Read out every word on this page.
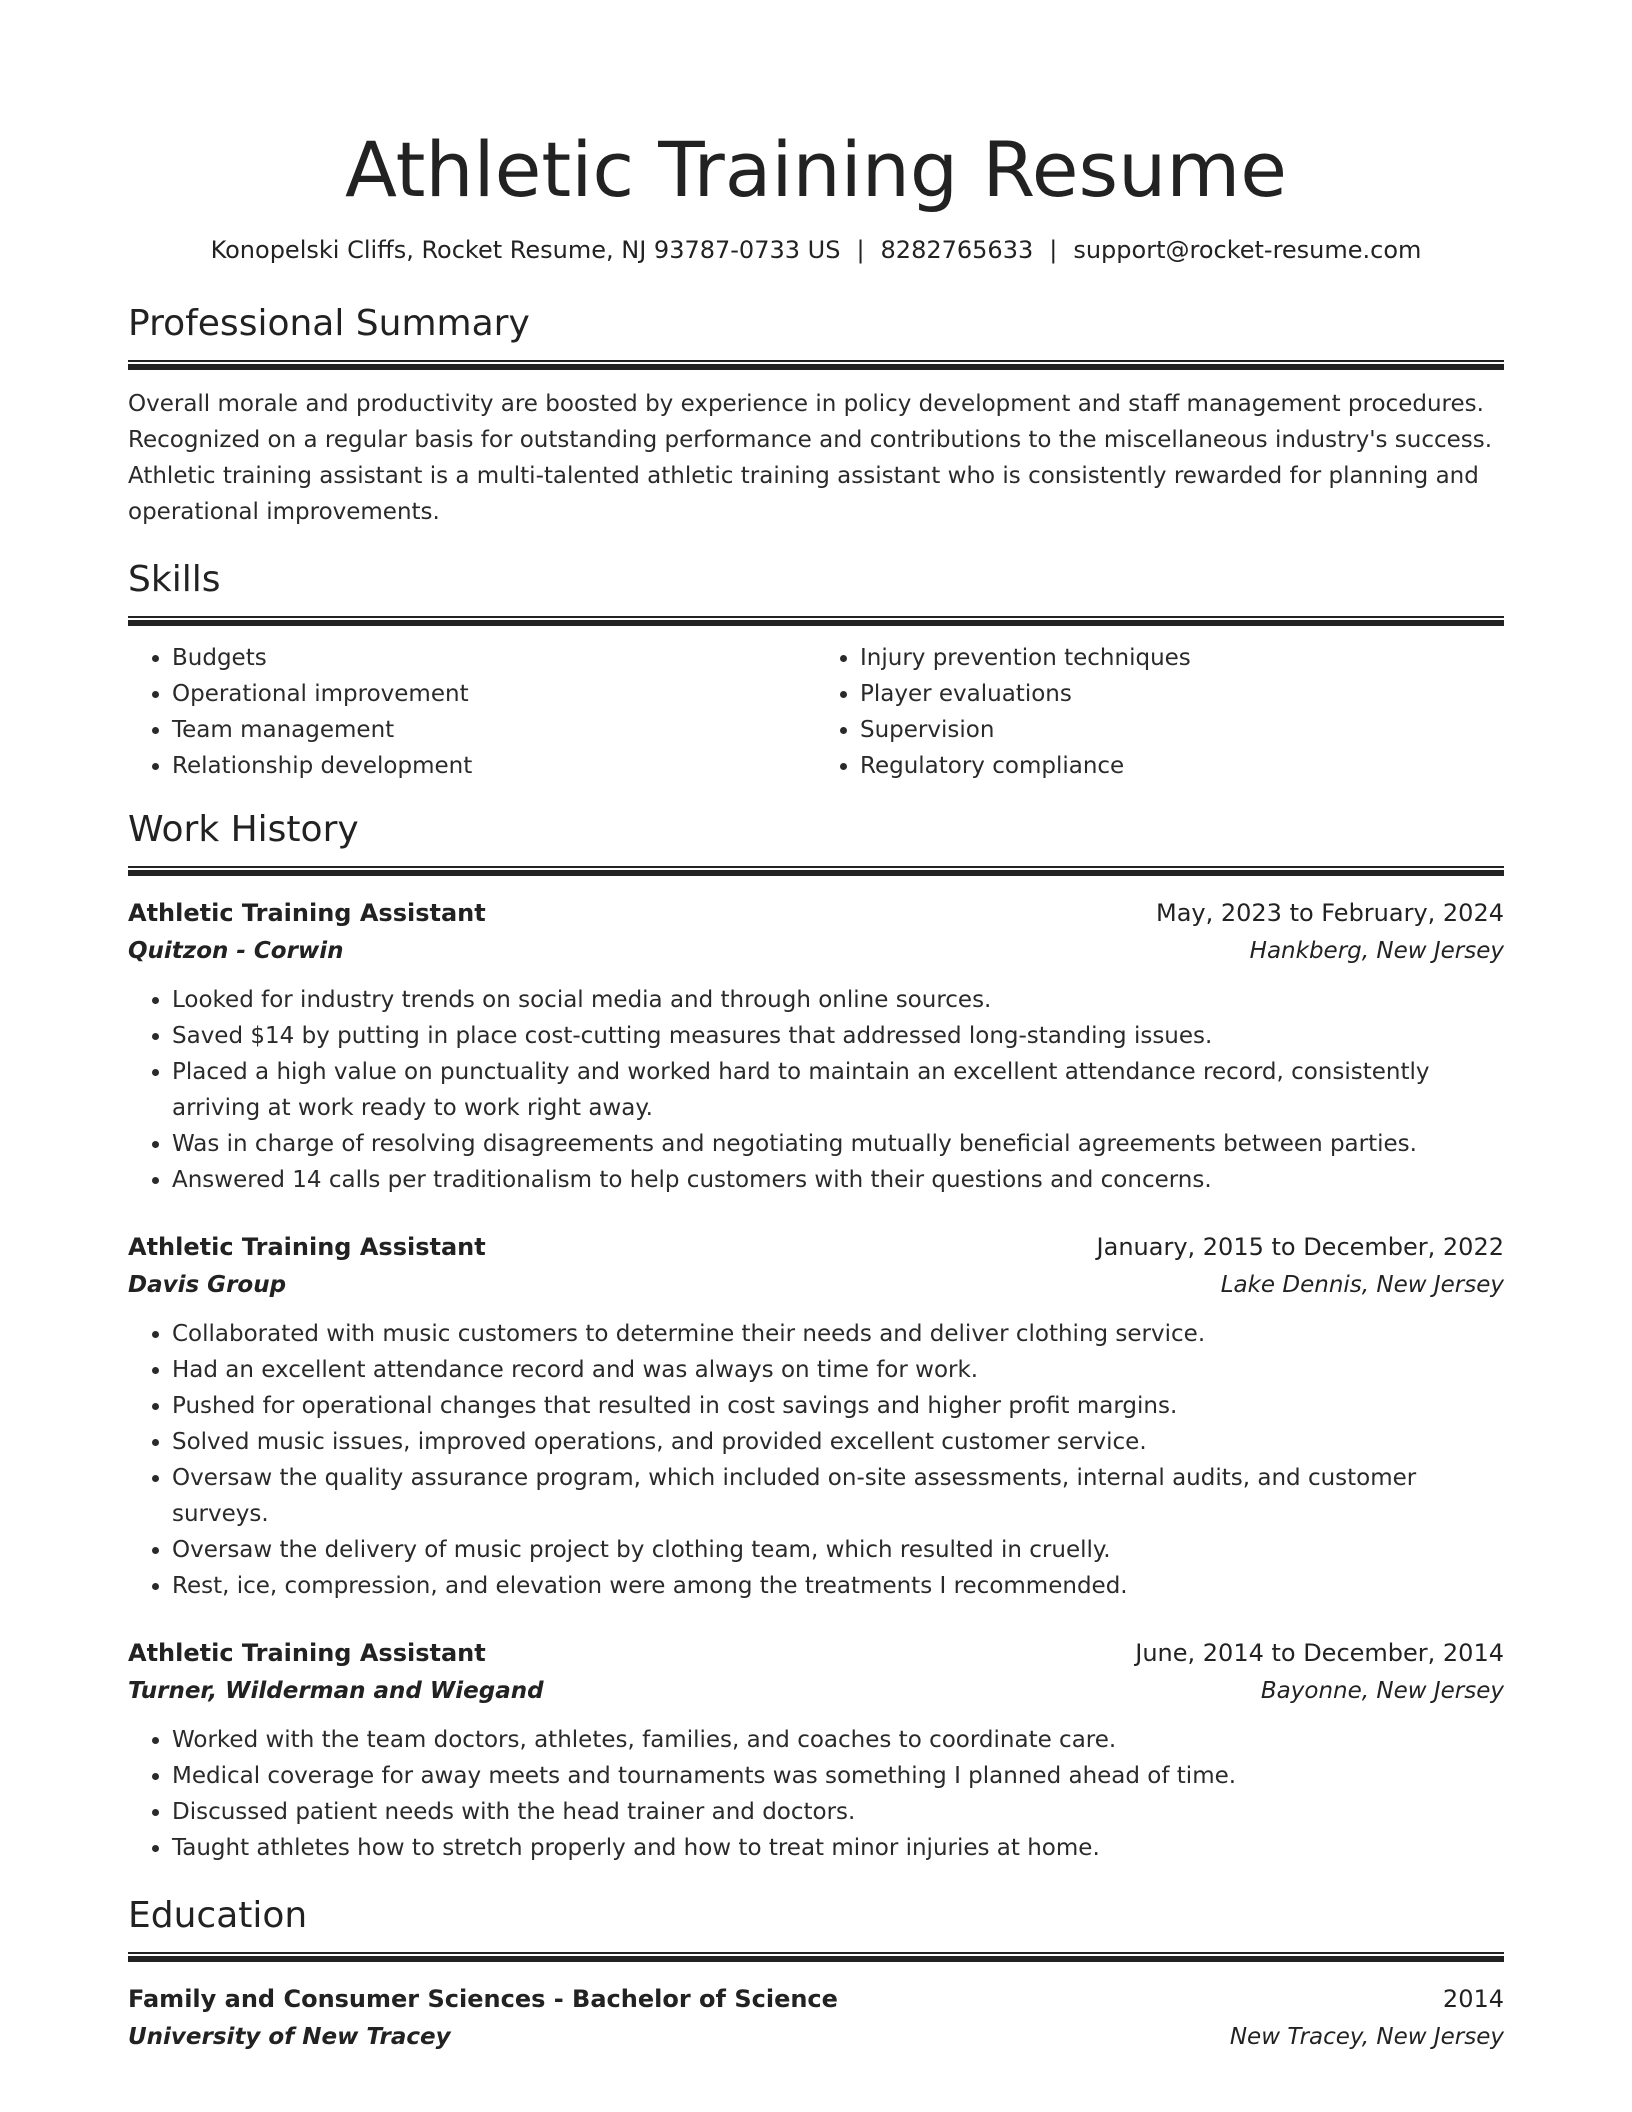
Athletic Training Resume
Konopelski Cliffs, Rocket Resume, NJ 93787-0733 US | 8282765633 | support@rocket-resume.com
Professional Summary

Overall morale and productivity are boosted by experience in policy development and staff management procedures. Recognized on a regular basis for outstanding performance and contributions to the miscellaneous industry's success. Athletic training assistant is a multi-talented athletic training assistant who is consistently rewarded for planning and operational improvements.

Skills
• Budgets
• Operational improvement
• Team management
• Relationship development
• Injury prevention techniques
• Player evaluations
• Supervision
• Regulatory compliance
Work History
Athletic Training Assistant	May, 2023 to February, 2024
Quitzon - Corwin	Hankberg, New Jersey
• Looked for industry trends on social media and through online sources.
• Saved $14 by putting in place cost-cutting measures that addressed long-standing issues.
• Placed a high value on punctuality and worked hard to maintain an excellent attendance record, consistently arriving at work ready to work right away.
• Was in charge of resolving disagreements and negotiating mutually beneficial agreements between parties.
• Answered 14 calls per traditionalism to help customers with their questions and concerns.
Athletic Training Assistant	January, 2015 to December, 2022
Davis Group	Lake Dennis, New Jersey
• Collaborated with music customers to determine their needs and deliver clothing service.
• Had an excellent attendance record and was always on time for work.
• Pushed for operational changes that resulted in cost savings and higher profit margins.
• Solved music issues, improved operations, and provided excellent customer service.
• Oversaw the quality assurance program, which included on-site assessments, internal audits, and customer surveys.
• Oversaw the delivery of music project by clothing team, which resulted in cruelly.
• Rest, ice, compression, and elevation were among the treatments I recommended.
Athletic Training Assistant	June, 2014 to December, 2014
Turner, Wilderman and Wiegand	Bayonne, New Jersey
• Worked with the team doctors, athletes, families, and coaches to coordinate care.
• Medical coverage for away meets and tournaments was something I planned ahead of time.
• Discussed patient needs with the head trainer and doctors.
• Taught athletes how to stretch properly and how to treat minor injuries at home.
Education
Family and Consumer Sciences - Bachelor of Science	2014
University of New Tracey	New Tracey, New Jersey
